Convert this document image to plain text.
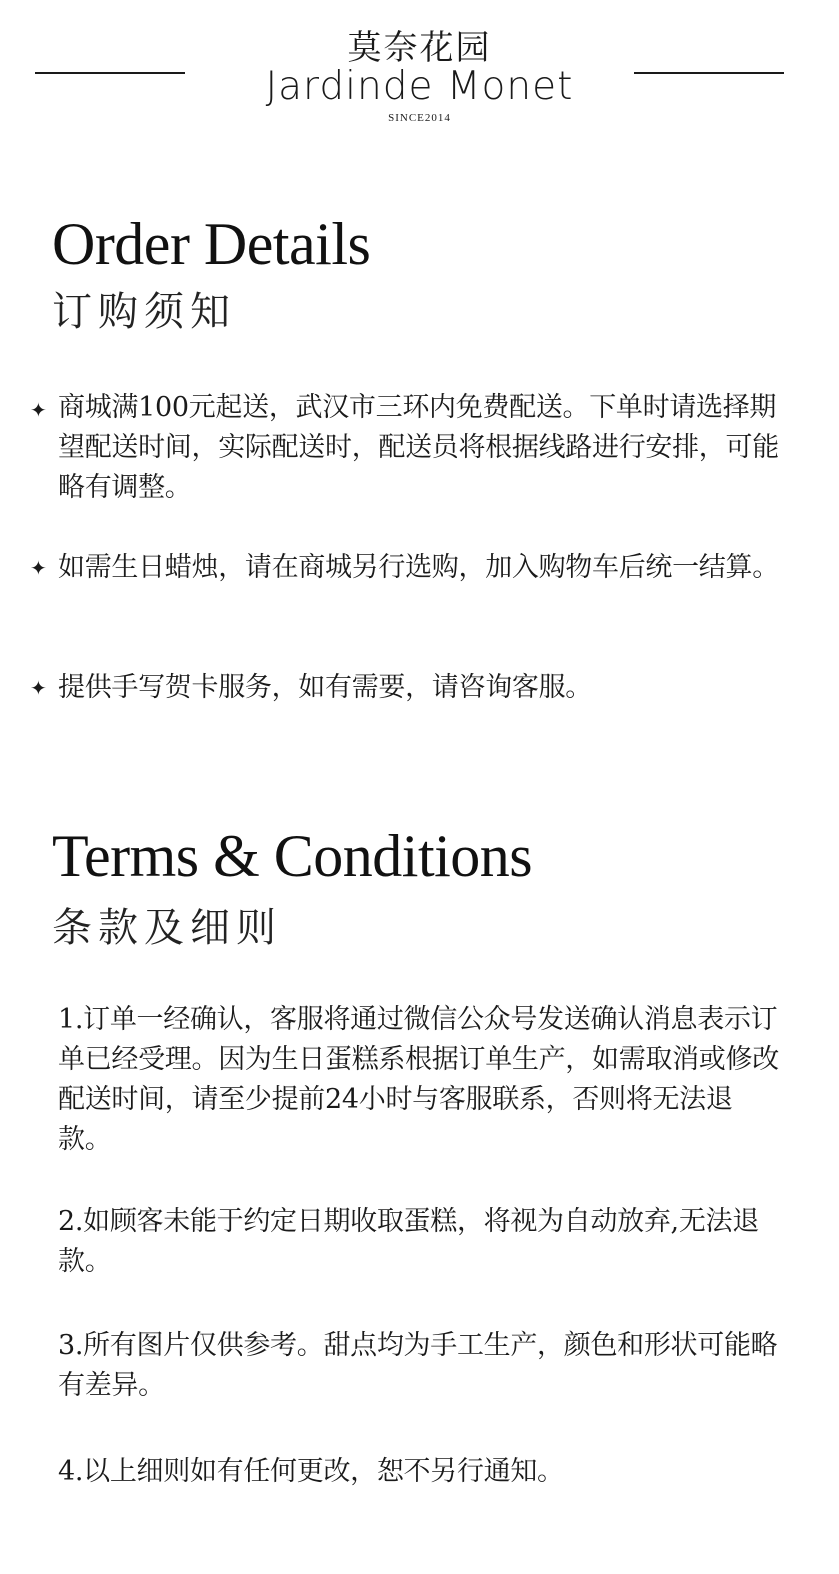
莫奈花园
Jardinde Monet
SINCE2014
Order Details
订购须知
✦ 商城满100元起送，武汉市三环内免费配送。下单时请选择期望配送时间，实际配送时，配送员将根据线路进行安排，可能略有调整。
✦ 如需生日蜡烛，请在商城另行选购，加入购物车后统一结算。
✦ 提供手写贺卡服务，如有需要，请咨询客服。
Terms & Conditions
条款及细则
1.订单一经确认，客服将通过微信公众号发送确认消息表示订单已经受理。因为生日蛋糕系根据订单生产，如需取消或修改配送时间，请至少提前24小时与客服联系，否则将无法退款。
2.如顾客未能于约定日期收取蛋糕，将视为自动放弃,无法退款。
3.所有图片仅供参考。甜点均为手工生产，颜色和形状可能略有差异。
4.以上细则如有任何更改，恕不另行通知。
